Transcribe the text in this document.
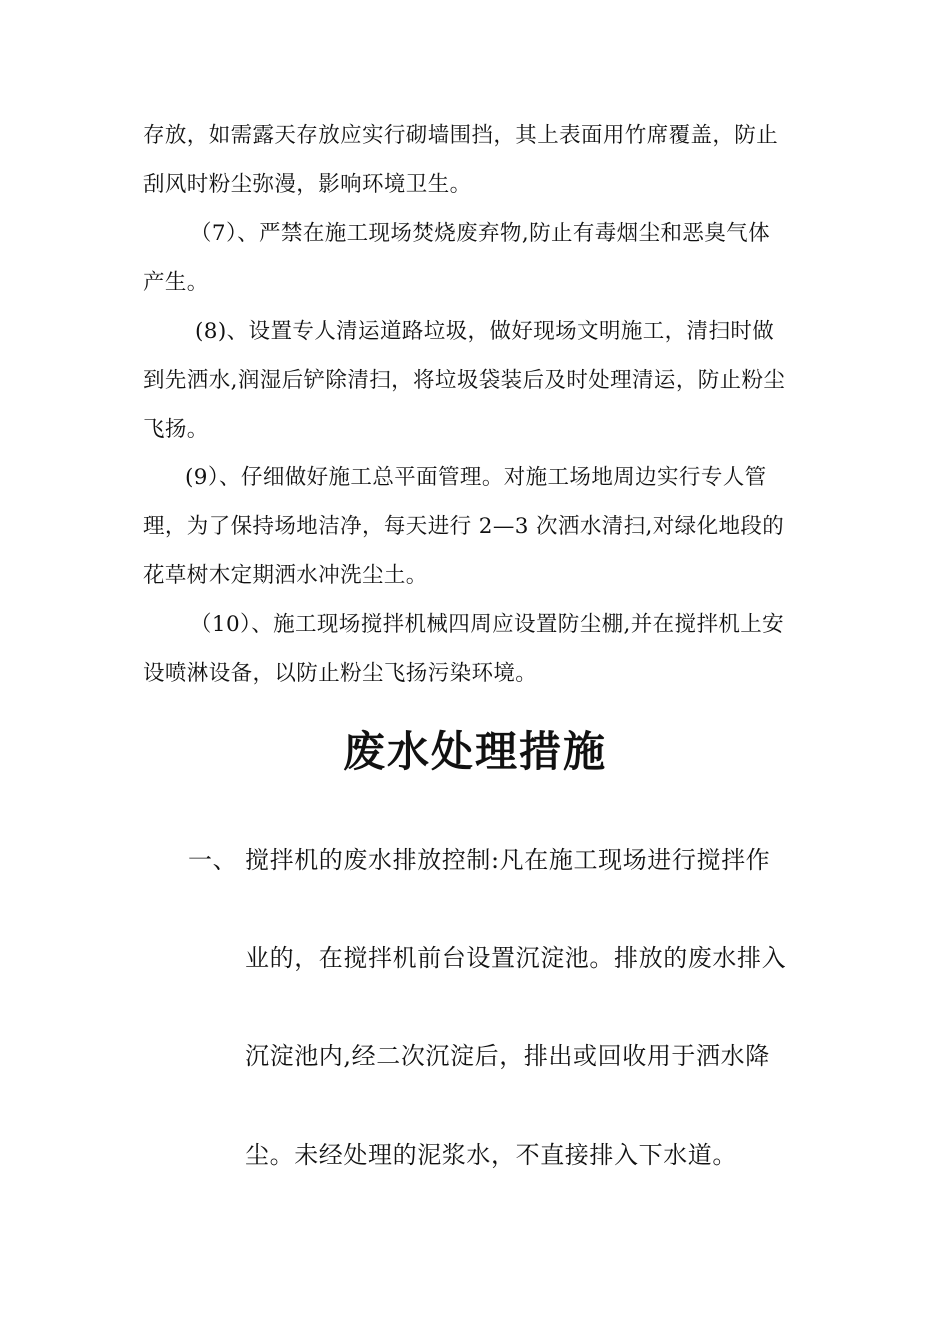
存放，如需露天存放应实行砌墙围挡，其上表面用竹席覆盖，防止
刮风时粉尘弥漫，影响环境卫生。
（7）、严禁在施工现场焚烧废弃物,防止有毒烟尘和恶臭气体
产生。
(8)、设置专人清运道路垃圾，做好现场文明施工，清扫时做
到先洒水,润湿后铲除清扫，将垃圾袋装后及时处理清运，防止粉尘
飞扬。
(9）、仔细做好施工总平面管理。对施工场地周边实行专人管
理，为了保持场地洁净，每天进行 2—3 次洒水清扫,对绿化地段的
花草树木定期洒水冲洗尘土。
（10）、施工现场搅拌机械四周应设置防尘棚,并在搅拌机上安
设喷淋设备，以防止粉尘飞扬污染环境。
废水处理措施
一、 搅拌机的废水排放控制:凡在施工现场进行搅拌作
业的，在搅拌机前台设置沉淀池。排放的废水排入
沉淀池内,经二次沉淀后，排出或回收用于洒水降
尘。未经处理的泥浆水，不直接排入下水道。
